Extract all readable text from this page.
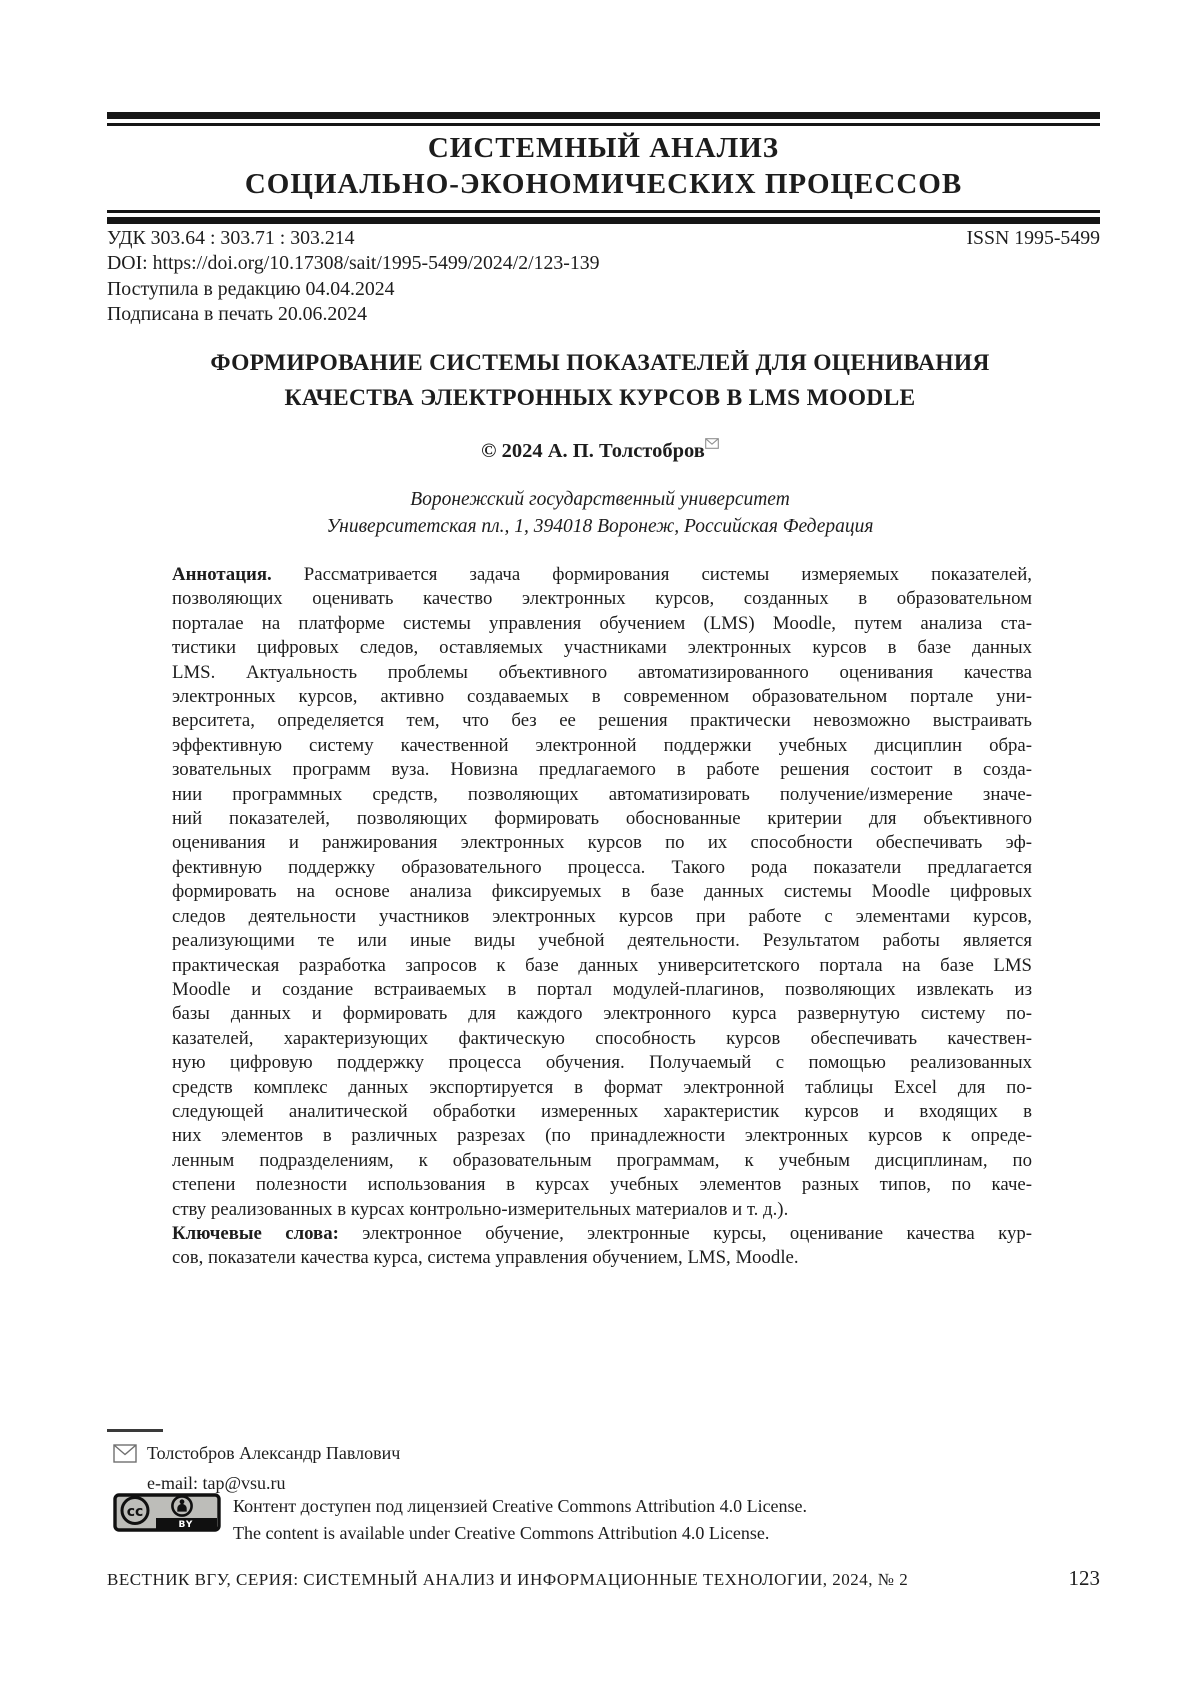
СИСТЕМНЫЙ АНАЛИЗ
СОЦИАЛЬНО-ЭКОНОМИЧЕСКИХ ПРОЦЕССОВ
УДК 303.64 : 303.71 : 303.214	ISSN 1995-5499
DOI: https://doi.org/10.17308/sait/1995-5499/2024/2/123-139
Поступила в редакцию 04.04.2024
Подписана в печать 20.06.2024
ФОРМИРОВАНИЕ СИСТЕМЫ ПОКАЗАТЕЛЕЙ ДЛЯ ОЦЕНИВАНИЯ
КАЧЕСТВА ЭЛЕКТРОННЫХ КУРСОВ В LMS MOODLE
© 2024 А. П. Толстобров
Воронежский государственный университет
Университетская пл., 1, 394018 Воронеж, Российская Федерация
Аннотация. Рассматривается задача формирования системы измеряемых показателей,
позволяющих оценивать качество электронных курсов, созданных в образовательном
порталае на платформе системы управления обучением (LMS) Moodle, путем анализа ста-
тистики цифровых следов, оставляемых участниками электронных курсов в базе данных
LMS. Актуальность проблемы объективного автоматизированного оценивания качества
электронных курсов, активно создаваемых в современном образовательном портале уни-
верситета, определяется тем, что без ее решения практически невозможно выстраивать
эффективную систему качественной электронной поддержки учебных дисциплин обра-
зовательных программ вуза. Новизна предлагаемого в работе решения состоит в созда-
нии программных средств, позволяющих автоматизировать получение/измерение значе-
ний показателей, позволяющих формировать обоснованные критерии для объективного
оценивания и ранжирования электронных курсов по их способности обеспечивать эф-
фективную поддержку образовательного процесса. Такого рода показатели предлагается
формировать на основе анализа фиксируемых в базе данных системы Moodle цифровых
следов деятельности участников электронных курсов при работе с элементами курсов,
реализующими те или иные виды учебной деятельности. Результатом работы является
практическая разработка запросов к базе данных университетского портала на базе LMS
Moodle и создание встраиваемых в портал модулей-плагинов, позволяющих извлекать из
базы данных и формировать для каждого электронного курса развернутую систему по-
казателей, характеризующих фактическую способность курсов обеспечивать качествен-
ную цифровую поддержку процесса обучения. Получаемый с помощью реализованных
средств комплекс данных экспортируется в формат электронной таблицы Excel для по-
следующей аналитической обработки измеренных характеристик курсов и входящих в
них элементов в различных разрезах (по принадлежности электронных курсов к опреде-
ленным подразделениям, к образовательным программам, к учебным дисциплинам, по
степени полезности использования в курсах учебных элементов разных типов, по каче-
ству реализованных в курсах контрольно-измерительных материалов и т. д.).
Ключевые слова: электронное обучение, электронные курсы, оценивание качества кур-
сов, показатели качества курса, система управления обучением, LMS, Moodle.
Толстобров Александр Павлович
e-mail: tap@vsu.ru
cc
BY
Контент доступен под лицензией Creative Commons Attribution 4.0 License.
The content is available under Creative Commons Attribution 4.0 License.
ВЕСТНИК ВГУ, СЕРИЯ: СИСТЕМНЫЙ АНАЛИЗ И ИНФОРМАЦИОННЫЕ ТЕХНОЛОГИИ, 2024, № 2	123
